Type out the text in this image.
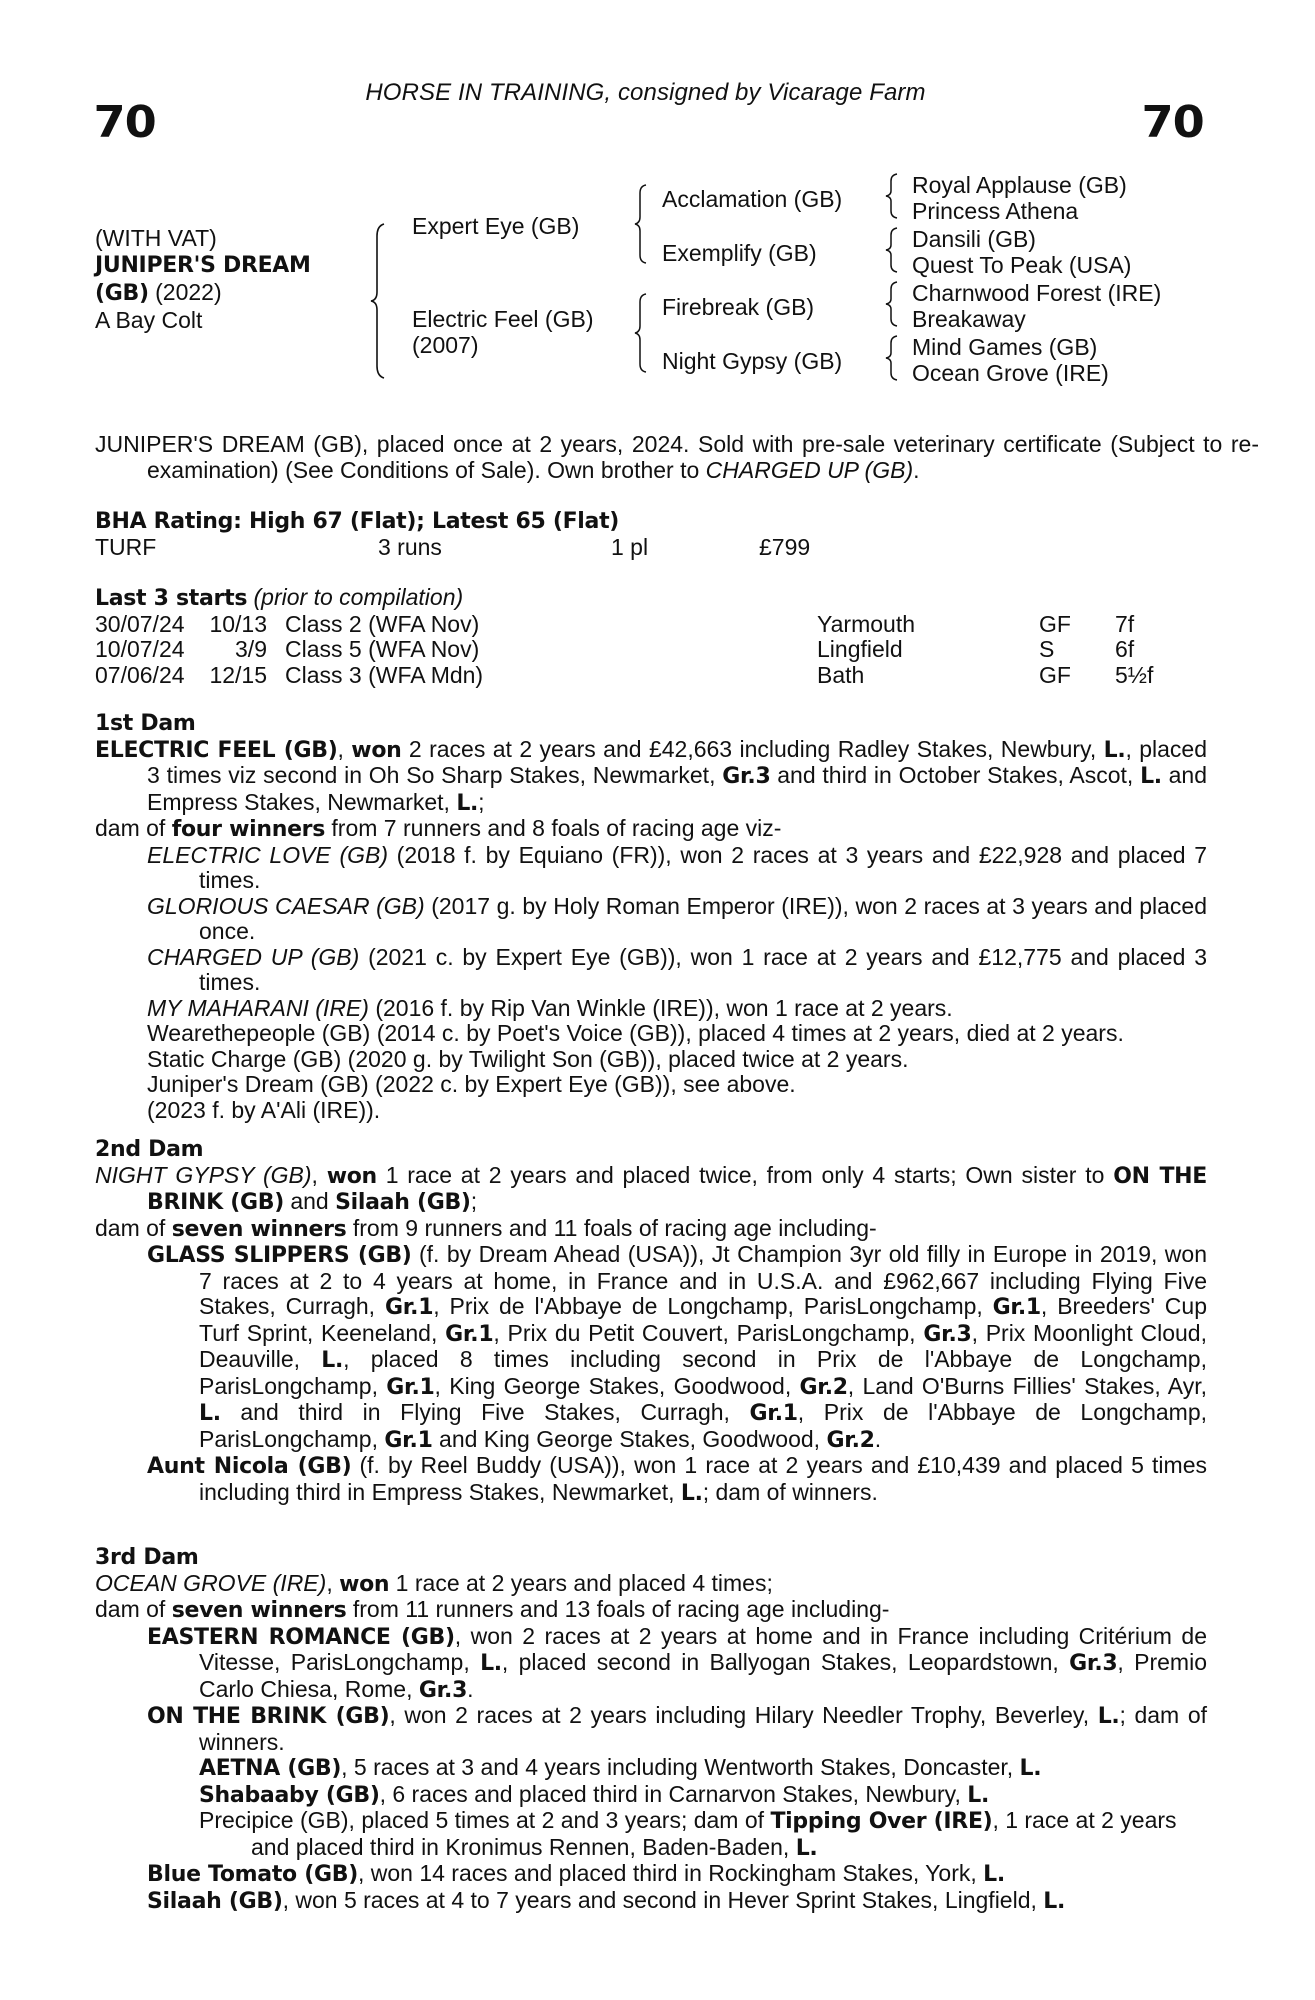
HORSE IN TRAINING, consigned by Vicarage Farm
70	70
(WITH VAT)
JUNIPER'S DREAM
(GB) (2022)
A Bay Colt
Expert Eye (GB)
Electric Feel (GB)
(2007)
Acclamation (GB)
Exemplify (GB)
Firebreak (GB)
Night Gypsy (GB)
Royal Applause (GB)
Princess Athena
Dansili (GB)
Quest To Peak (USA)
Charnwood Forest (IRE)
Breakaway
Mind Games (GB)
Ocean Grove (IRE)
JUNIPER'S DREAM (GB), placed once at 2 years, 2024. Sold with pre-sale veterinary certificate (Subject to re-examination) (See Conditions of Sale). Own brother to CHARGED UP (GB).
BHA Rating: High 67 (Flat); Latest 65 (Flat)
TURF	3 runs	1 pl	£799
Last 3 starts (prior to compilation)
30/07/24 10/13 Class 2 (WFA Nov)	Yarmouth	GF 7f
10/07/24 3/9 Class 5 (WFA Nov)	Lingfield	S	6f
07/06/24 12/15 Class 3 (WFA Mdn)	Bath	GF 5½f
1st Dam

ELECTRIC FEEL (GB), won 2 races at 2 years and £42,663 including Radley Stakes, Newbury, L., placed 3 times viz second in Oh So Sharp Stakes, Newmarket, Gr.3 and third in October Stakes, Ascot, L. and Empress Stakes, Newmarket, L.;

dam of four winners from 7 runners and 8 foals of racing age viz-

ELECTRIC LOVE (GB) (2018 f. by Equiano (FR)), won 2 races at 3 years and £22,928 and placed 7 times.

GLORIOUS CAESAR (GB) (2017 g. by Holy Roman Emperor (IRE)), won 2 races at 3 years and placed once.

CHARGED UP (GB) (2021 c. by Expert Eye (GB)), won 1 race at 2 years and £12,775 and placed 3 times.

MY MAHARANI (IRE) (2016 f. by Rip Van Winkle (IRE)), won 1 race at 2 years.

Wearethepeople (GB) (2014 c. by Poet's Voice (GB)), placed 4 times at 2 years, died at 2 years.

Static Charge (GB) (2020 g. by Twilight Son (GB)), placed twice at 2 years.

Juniper's Dream (GB) (2022 c. by Expert Eye (GB)), see above.

(2023 f. by A'Ali (IRE)).

2nd Dam

NIGHT GYPSY (GB), won 1 race at 2 years and placed twice, from only 4 starts; Own sister to ON THE BRINK (GB) and Silaah (GB);

dam of seven winners from 9 runners and 11 foals of racing age including-

GLASS SLIPPERS (GB) (f. by Dream Ahead (USA)), Jt Champion 3yr old filly in Europe in 2019, won 7 races at 2 to 4 years at home, in France and in U.S.A. and £962,667 including Flying Five Stakes, Curragh, Gr.1, Prix de l'Abbaye de Longchamp, ParisLongchamp, Gr.1, Breeders' Cup Turf Sprint, Keeneland, Gr.1, Prix du Petit Couvert, ParisLongchamp, Gr.3, Prix Moonlight Cloud, Deauville, L., placed 8 times including second in Prix de l'Abbaye de Longchamp, ParisLongchamp, Gr.1, King George Stakes, Goodwood, Gr.2, Land O'Burns Fillies' Stakes, Ayr, L. and third in Flying Five Stakes, Curragh, Gr.1, Prix de l'Abbaye de Longchamp, ParisLongchamp, Gr.1 and King George Stakes, Goodwood, Gr.2.

Aunt Nicola (GB) (f. by Reel Buddy (USA)), won 1 race at 2 years and £10,439 and placed 5 times including third in Empress Stakes, Newmarket, L.; dam of winners.

3rd Dam

OCEAN GROVE (IRE), won 1 race at 2 years and placed 4 times;

dam of seven winners from 11 runners and 13 foals of racing age including-

EASTERN ROMANCE (GB), won 2 races at 2 years at home and in France including Critérium de Vitesse, ParisLongchamp, L., placed second in Ballyogan Stakes, Leopardstown, Gr.3, Premio Carlo Chiesa, Rome, Gr.3.

ON THE BRINK (GB), won 2 races at 2 years including Hilary Needler Trophy, Beverley, L.; dam of winners.

AETNA (GB), 5 races at 3 and 4 years including Wentworth Stakes, Doncaster, L.

Shabaaby (GB), 6 races and placed third in Carnarvon Stakes, Newbury, L.

Precipice (GB), placed 5 times at 2 and 3 years; dam of Tipping Over (IRE), 1 race at 2 years and placed third in Kronimus Rennen, Baden-Baden, L.

Blue Tomato (GB), won 14 races and placed third in Rockingham Stakes, York, L.

Silaah (GB), won 5 races at 4 to 7 years and second in Hever Sprint Stakes, Lingfield, L.
